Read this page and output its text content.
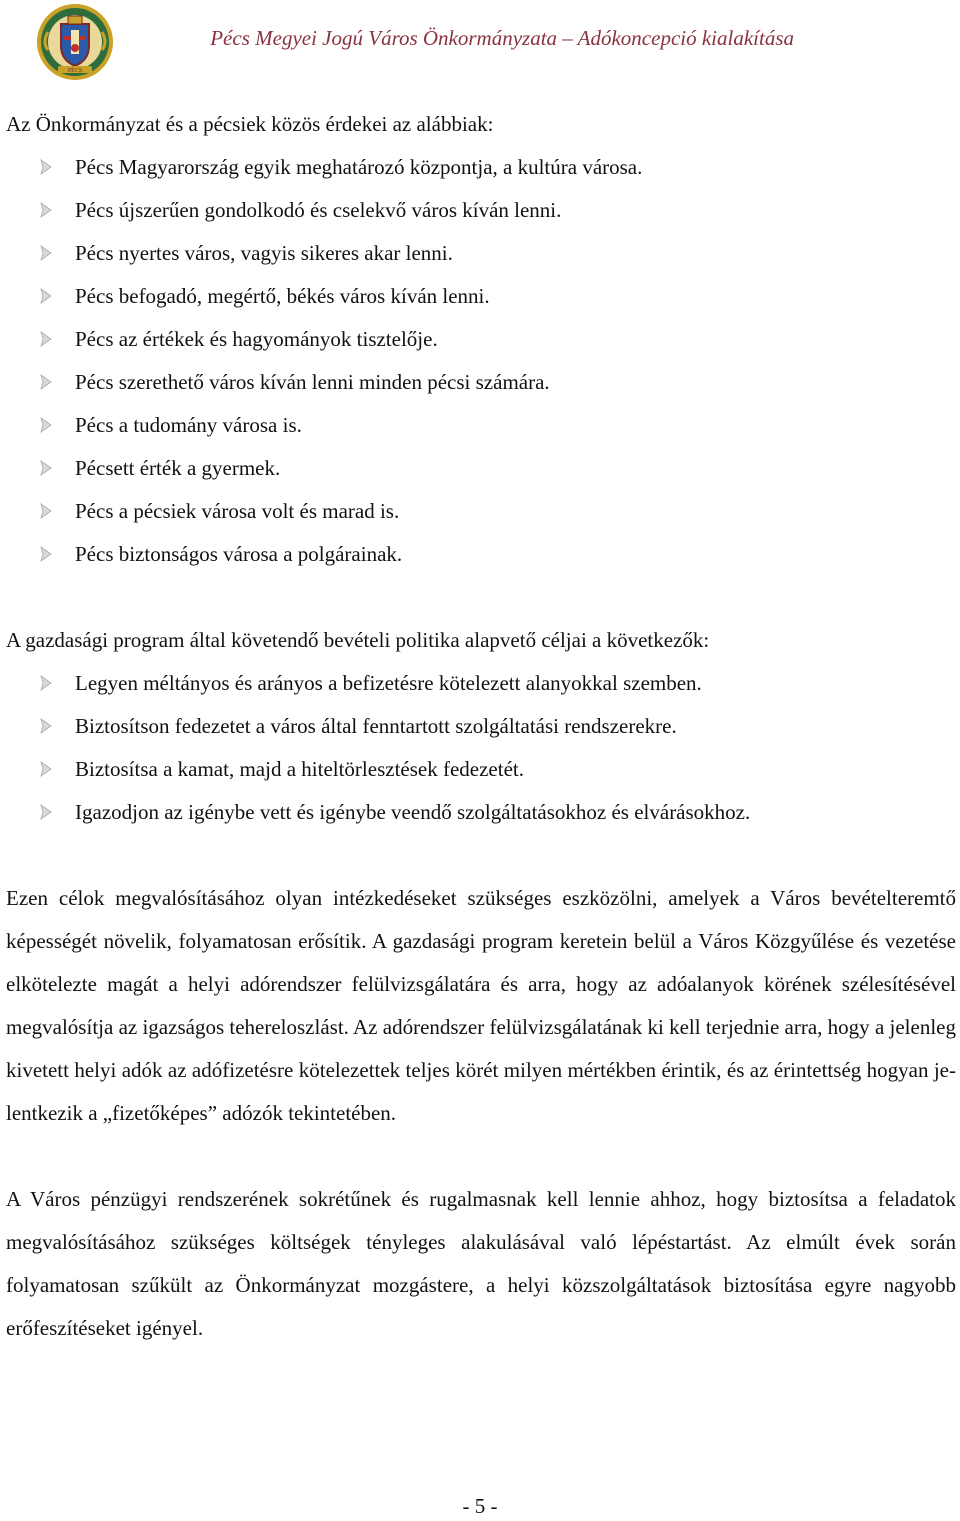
PÉCS
Pécs Megyei Jogú Város Önkormányzata – Adókoncepció kialakítása

Az Önkormányzat és a pécsiek közös érdekei az alábbiak:

Pécs Magyarország egyik meghatározó központja, a kultúra városa.
Pécs újszerűen gondolkodó és cselekvő város kíván lenni.
Pécs nyertes város, vagyis sikeres akar lenni.
Pécs befogadó, megértő, békés város kíván lenni.
Pécs az értékek és hagyományok tisztelője.
Pécs szerethető város kíván lenni minden pécsi számára.
Pécs a tudomány városa is.
Pécsett érték a gyermek.
Pécs a pécsiek városa volt és marad is.
Pécs biztonságos városa a polgárainak.

A gazdasági program által követendő bevételi politika alapvető céljai a következők:

Legyen méltányos és arányos a befizetésre kötelezett alanyokkal szemben.
Biztosítson fedezetet a város által fenntartott szolgáltatási rendszerekre.
Biztosítsa a kamat, majd a hiteltörlesztések fedezetét.
Igazodjon az igénybe vett és igénybe veendő szolgáltatásokhoz és elvárásokhoz.

Ezen célok megvalósításához olyan intézkedéseket szükséges eszközölni, amelyek a Város bevételteremtő képességét növelik, folyamatosan erősítik. A gazdasági program keretein belül a Város Közgyűlése és vezetése elkötelezte magát a helyi adórendszer felülvizsgálatára és arra, hogy az adóalanyok körének szélesítésével megvalósítja az igazságos tehereloszlást. Az adórendszer felülvizsgálatának ki kell terjednie arra, hogy a jelenleg kivetett helyi adók az adófizetésre kötelezettek teljes körét milyen mértékben érintik, és az érintettség hogyan jelentkezik a „fizetőképes” adózók tekintetében.

A Város pénzügyi rendszerének sokrétűnek és rugalmasnak kell lennie ahhoz, hogy biztosítsa a feladatok megvalósításához szükséges költségek tényleges alakulásával való lépéstartást. Az elmúlt évek során folyamatosan szűkült az Önkormányzat mozgástere, a helyi közszolgáltatások biztosítása egyre nagyobb erőfeszítéseket igényel.

- 5 -
